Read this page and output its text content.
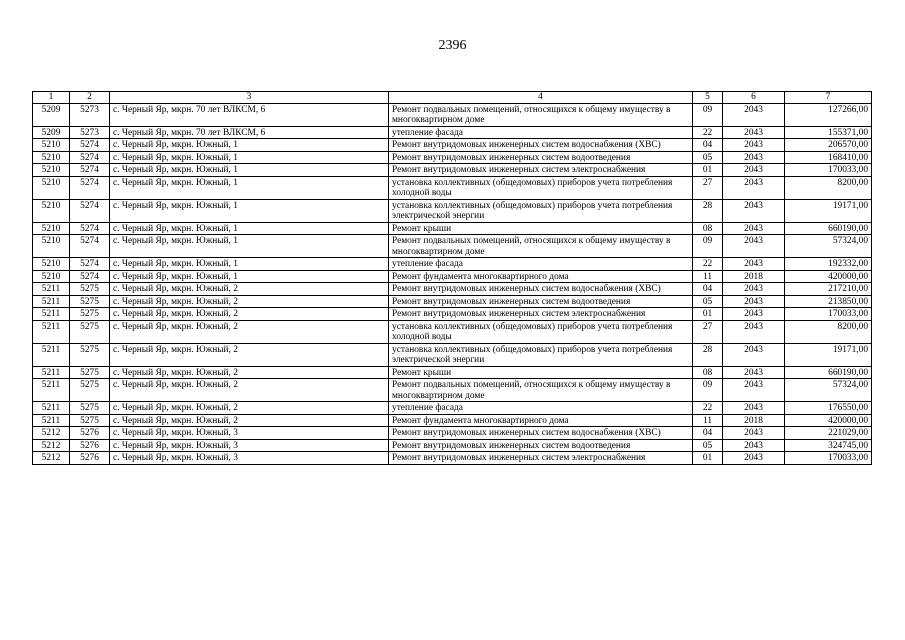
2396
1	2	3	4	5	6	7
5209	5273	с. Черный Яр, мкрн. 70 лет ВЛКСМ, 6	Ремонт подвальных помещений, относящихся к общему имуществу в многоквартирном доме	09	2043	127266,00
5209	5273	с. Черный Яр, мкрн. 70 лет ВЛКСМ, 6	утепление фасада	22	2043	155371,00
5210	5274	с. Черный Яр, мкрн. Южный, 1	Ремонт внутридомовых инженерных систем водоснабжения (ХВС)	04	2043	206570,00
5210	5274	с. Черный Яр, мкрн. Южный, 1	Ремонт внутридомовых инженерных систем водоотведения	05	2043	168410,00
5210	5274	с. Черный Яр, мкрн. Южный, 1	Ремонт внутридомовых инженерных систем электроснабжения	01	2043	170033,00
5210	5274	с. Черный Яр, мкрн. Южный, 1	установка коллективных (общедомовых) приборов учета потребления холодной воды	27	2043	8200,00
5210	5274	с. Черный Яр, мкрн. Южный, 1	установка коллективных (общедомовых) приборов учета потребления электрической энергии	28	2043	19171,00
5210	5274	с. Черный Яр, мкрн. Южный, 1	Ремонт крыши	08	2043	660190,00
5210	5274	с. Черный Яр, мкрн. Южный, 1	Ремонт подвальных помещений, относящихся к общему имуществу в многоквартирном доме	09	2043	57324,00
5210	5274	с. Черный Яр, мкрн. Южный, 1	утепление фасада	22	2043	192332,00
5210	5274	с. Черный Яр, мкрн. Южный, 1	Ремонт фундамента многоквартирного дома	11	2018	420000,00
5211	5275	с. Черный Яр, мкрн. Южный, 2	Ремонт внутридомовых инженерных систем водоснабжения (ХВС)	04	2043	217210,00
5211	5275	с. Черный Яр, мкрн. Южный, 2	Ремонт внутридомовых инженерных систем водоотведения	05	2043	213850,00
5211	5275	с. Черный Яр, мкрн. Южный, 2	Ремонт внутридомовых инженерных систем электроснабжения	01	2043	170033,00
5211	5275	с. Черный Яр, мкрн. Южный, 2	установка коллективных (общедомовых) приборов учета потребления холодной воды	27	2043	8200,00
5211	5275	с. Черный Яр, мкрн. Южный, 2	установка коллективных (общедомовых) приборов учета потребления электрической энергии	28	2043	19171,00
5211	5275	с. Черный Яр, мкрн. Южный, 2	Ремонт крыши	08	2043	660190,00
5211	5275	с. Черный Яр, мкрн. Южный, 2	Ремонт подвальных помещений, относящихся к общему имуществу в многоквартирном доме	09	2043	57324,00
5211	5275	с. Черный Яр, мкрн. Южный, 2	утепление фасада	22	2043	176550,00
5211	5275	с. Черный Яр, мкрн. Южный, 2	Ремонт фундамента многоквартирного дома	11	2018	420000,00
5212	5276	с. Черный Яр, мкрн. Южный, 3	Ремонт внутридомовых инженерных систем водоснабжения (ХВС)	04	2043	221029,00
5212	5276	с. Черный Яр, мкрн. Южный, 3	Ремонт внутридомовых инженерных систем водоотведения	05	2043	324745,00
5212	5276	с. Черный Яр, мкрн. Южный, 3	Ремонт внутридомовых инженерных систем электроснабжения	01	2043	170033,00
